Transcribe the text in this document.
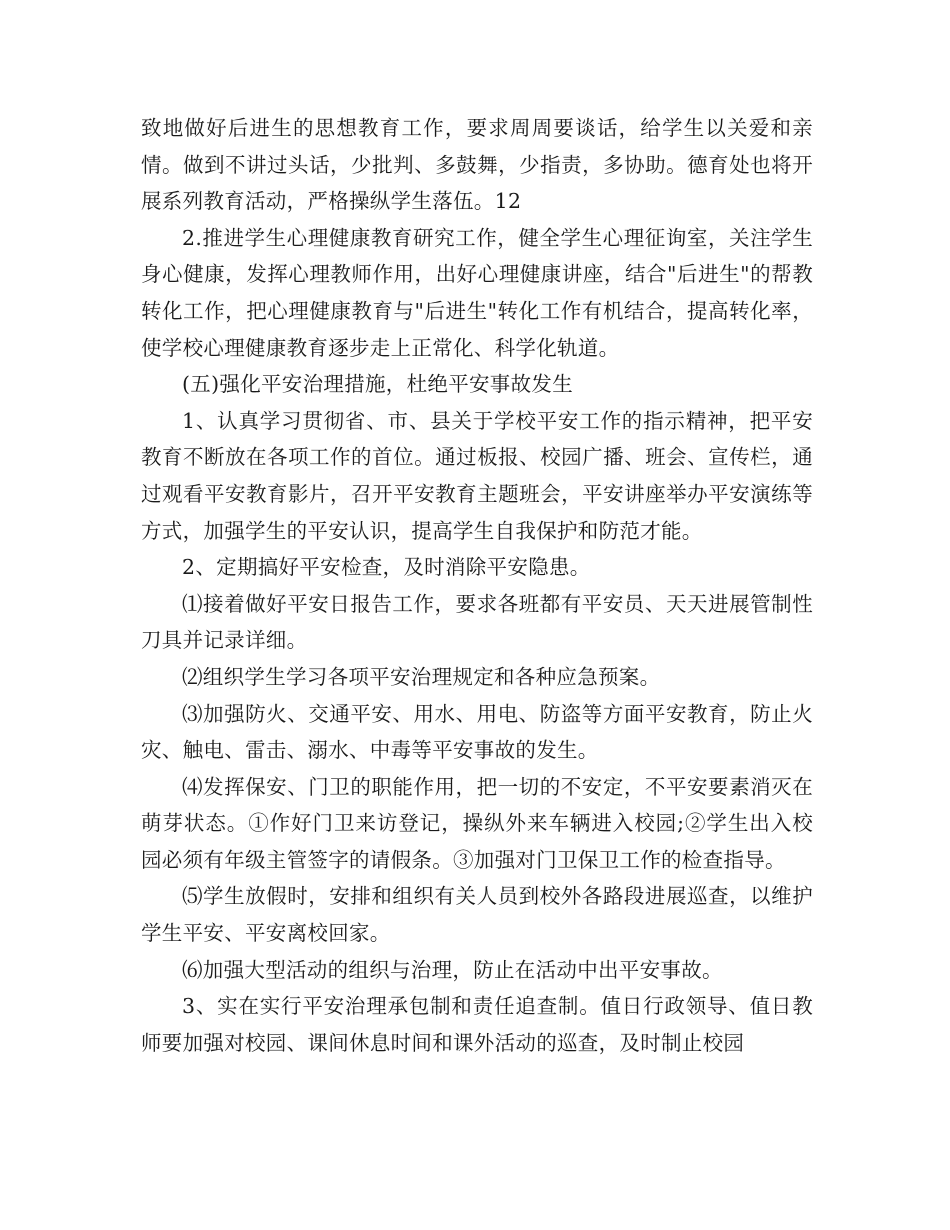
致地做好后进生的思想教育工作，要求周周要谈话，给学生以关爱和亲情。做到不讲过头话，少批判、多鼓舞，少指责，多协助。德育处也将开展系列教育活动，严格操纵学生落伍。12

2.推进学生心理健康教育研究工作，健全学生心理征询室，关注学生身心健康，发挥心理教师作用，出好心理健康讲座，结合"后进生"的帮教转化工作，把心理健康教育与"后进生"转化工作有机结合，提高转化率，使学校心理健康教育逐步走上正常化、科学化轨道。

(五)强化平安治理措施，杜绝平安事故发生

1、认真学习贯彻省、市、县关于学校平安工作的指示精神，把平安教育不断放在各项工作的首位。通过板报、校园广播、班会、宣传栏，通过观看平安教育影片，召开平安教育主题班会，平安讲座举办平安演练等方式，加强学生的平安认识，提高学生自我保护和防范才能。

2、定期搞好平安检查，及时消除平安隐患。

⑴接着做好平安日报告工作，要求各班都有平安员、天天进展管制性刀具并记录详细。

⑵组织学生学习各项平安治理规定和各种应急预案。

⑶加强防火、交通平安、用水、用电、防盗等方面平安教育，防止火灾、触电、雷击、溺水、中毒等平安事故的发生。

⑷发挥保安、门卫的职能作用，把一切的不安定，不平安要素消灭在萌芽状态。①作好门卫来访登记，操纵外来车辆进入校园;②学生出入校园必须有年级主管签字的请假条。③加强对门卫保卫工作的检查指导。

⑸学生放假时，安排和组织有关人员到校外各路段进展巡查，以维护学生平安、平安离校回家。

⑹加强大型活动的组织与治理，防止在活动中出平安事故。

3、实在实行平安治理承包制和责任追查制。值日行政领导、值日教师要加强对校园、课间休息时间和课外活动的巡查，及时制止校园
